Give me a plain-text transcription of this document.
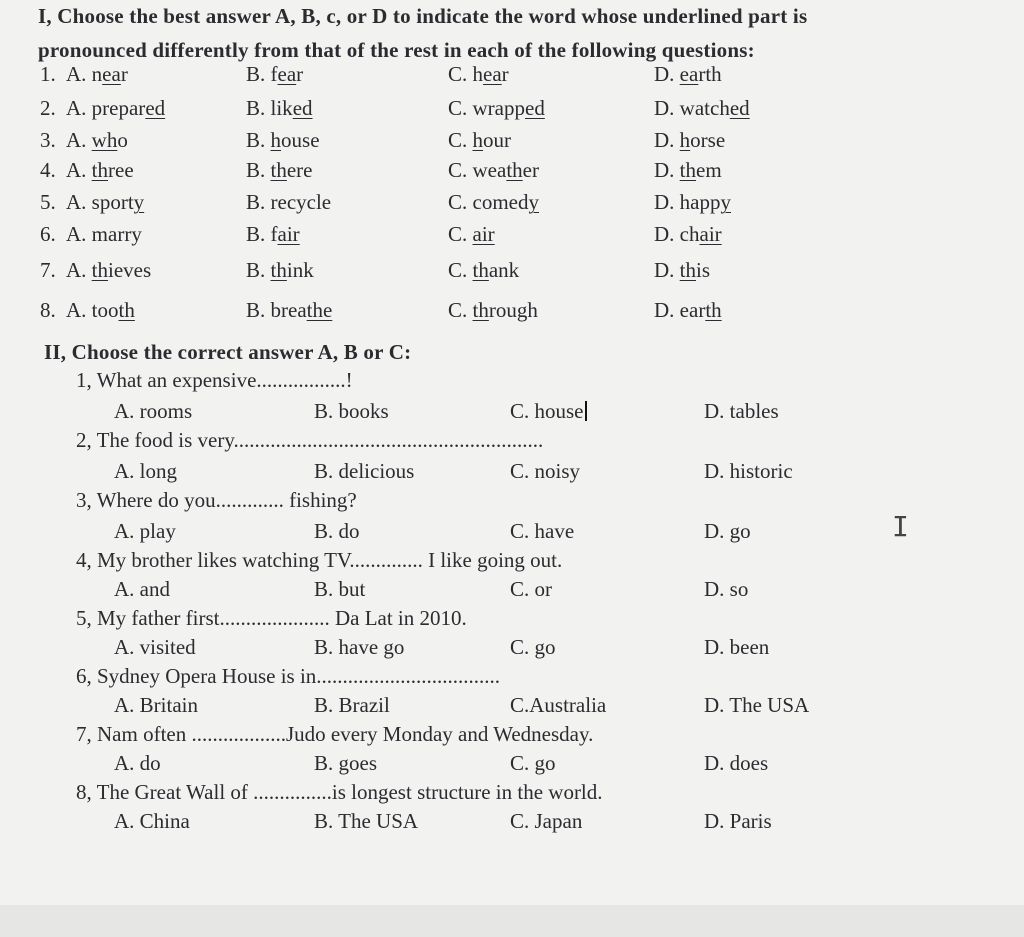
I, Choose the best answer A, B, c, or D to indicate the word whose underlined part is
pronounced differently from that of the rest in each of the following questions:
1. A. near	B. fear	C. hear	D. earth
2. A. prepared	B. liked	C. wrapped	D. watched
3. A. who	B. house	C. hour	D. horse
4. A. three	B. there	C. weather	D. them
5. A. sporty	B. recycle	C. comedy	D. happy
6. A. marry	B. fair	C. air	D. chair
7. A. thieves	B. think	C. thank	D. this
8. A. tooth	B. breathe	C. through	D. earth
II, Choose the correct answer A, B or C:
1, What an expensive.................!
A. rooms	B. books	C. house	D. tables
2, The food is very...........................................................
A. long	B. delicious	C. noisy	D. historic
3, Where do you............. fishing?
A. play	B. do	C. have	D. go
4, My brother likes watching TV.............. I like going out.
A. and	B. but	C. or	D. so
5, My father first..................... Da Lat in 2010.
A. visited	B. have go	C. go	D. been
6, Sydney Opera House is in...................................
A. Britain	B. Brazil	C.Australia	D. The USA
7, Nam often ..................Judo every Monday and Wednesday.
A. do	B. goes	C. go	D. does
8, The Great Wall of ...............is longest structure in the world.
A. China	B. The USA	C. Japan	D. Paris
I
